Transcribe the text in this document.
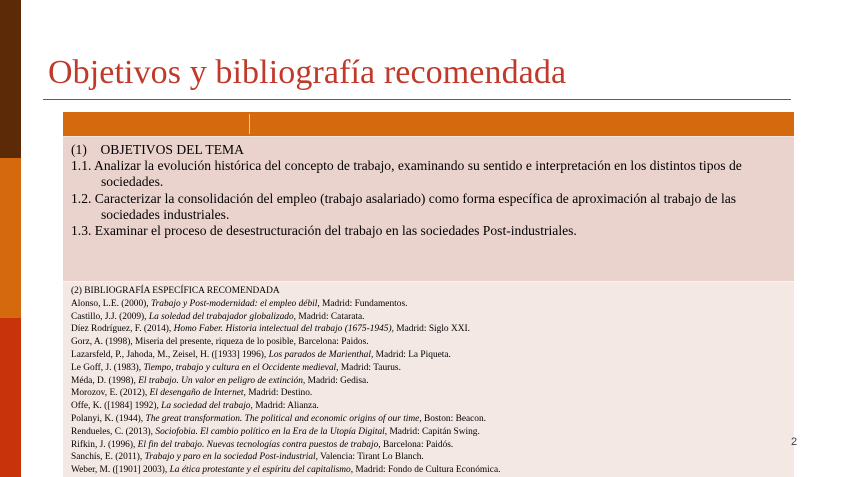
Objetivos y bibliografía recomendada
(1) OBJETIVOS DEL TEMA
1.1. Analizar la evolución histórica del concepto de trabajo, examinando su sentido e interpretación en los distintos tipos de sociedades.
1.2. Caracterizar la consolidación del empleo (trabajo asalariado) como forma específica de aproximación al trabajo de las sociedades industriales.
1.3. Examinar el proceso de desestructuración del trabajo en las sociedades Post-industriales.
(2) BIBLIOGRAFÍA ESPECÍFICA RECOMENDADA
Alonso, L.E. (2000), Trabajo y Post-modernidad: el empleo débil, Madrid: Fundamentos.
Castillo, J.J. (2009), La soledad del trabajador globalizado, Madrid: Catarata.
Díez Rodríguez, F. (2014), Homo Faber. Historia intelectual del trabajo (1675-1945), Madrid: Siglo XXI.
Gorz, A. (1998), Miseria del presente, riqueza de lo posible, Barcelona: Paidos.
Lazarsfeld, P., Jahoda, M., Zeisel, H. ([1933] 1996), Los parados de Marienthal, Madrid: La Piqueta.
Le Goff, J. (1983), Tiempo, trabajo y cultura en el Occidente medieval, Madrid: Taurus.
Méda, D. (1998), El trabajo. Un valor en peligro de extinción, Madrid: Gedisa.
Morozov, E. (2012), El desengaño de Internet, Madrid: Destino.
Offe, K. ([1984] 1992), La sociedad del trabajo, Madrid: Alianza.
Polanyi, K. (1944), The great transformation. The political and economic origins of our time, Boston: Beacon.
Rendueles, C. (2013), Sociofobia. El cambio político en la Era de la Utopía Digital, Madrid: Capitán Swing.
Rifkin, J. (1996), El fin del trabajo. Nuevas tecnologías contra puestos de trabajo, Barcelona: Paidós.
Sanchís, E. (2011), Trabajo y paro en la sociedad Post-industrial, Valencia: Tirant Lo Blanch.
Weber, M. ([1901] 2003), La ética protestante y el espíritu del capitalismo, Madrid: Fondo de Cultura Económica.
2
